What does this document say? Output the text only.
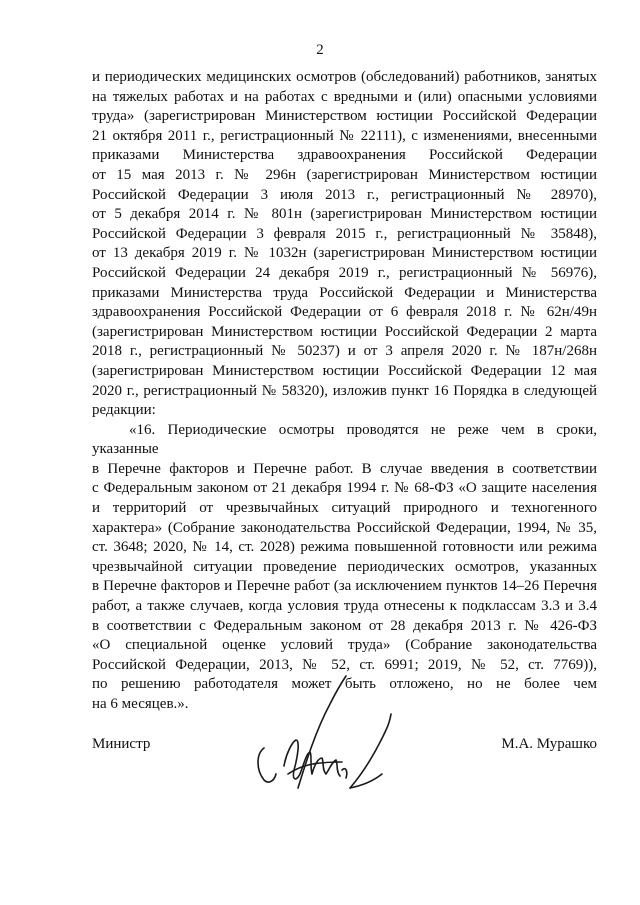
2
и периодических медицинских осмотров (обследований) работников, занятых
на тяжелых работах и на работах с вредными и (или) опасными условиями
труда» (зарегистрирован Министерством юстиции Российской Федерации
21 октября 2011 г., регистрационный № 22111), с изменениями, внесенными
приказами Министерства здравоохранения Российской Федерации
от 15 мая 2013 г. № 296н (зарегистрирован Министерством юстиции
Российской Федерации 3 июля 2013 г., регистрационный № 28970),
от 5 декабря 2014 г. № 801н (зарегистрирован Министерством юстиции
Российской Федерации 3 февраля 2015 г., регистрационный № 35848),
от 13 декабря 2019 г. № 1032н (зарегистрирован Министерством юстиции
Российской Федерации 24 декабря 2019 г., регистрационный № 56976),
приказами Министерства труда Российской Федерации и Министерства
здравоохранения Российской Федерации от 6 февраля 2018 г. № 62н/49н
(зарегистрирован Министерством юстиции Российской Федерации 2 марта
2018 г., регистрационный № 50237) и от 3 апреля 2020 г. № 187н/268н
(зарегистрирован Министерством юстиции Российской Федерации 12 мая
2020 г., регистрационный № 58320), изложив пункт 16 Порядка в следующей
редакции:
«16. Периодические осмотры проводятся не реже чем в сроки, указанные
в Перечне факторов и Перечне работ. В случае введения в соответствии
с Федеральным законом от 21 декабря 1994 г. № 68-ФЗ «О защите населения
и территорий от чрезвычайных ситуаций природного и техногенного
характера» (Собрание законодательства Российской Федерации, 1994, № 35,
ст. 3648; 2020, № 14, ст. 2028) режима повышенной готовности или режима
чрезвычайной ситуации проведение периодических осмотров, указанных
в Перечне факторов и Перечне работ (за исключением пунктов 14–26 Перечня
работ, а также случаев, когда условия труда отнесены к подклассам 3.3 и 3.4
в соответствии с Федеральным законом от 28 декабря 2013 г. № 426-ФЗ
«О специальной оценке условий труда» (Собрание законодательства
Российской Федерации, 2013, № 52, ст. 6991; 2019, № 52, ст. 7769)),
по решению работодателя может быть отложено, но не более чем
на 6 месяцев.».
Министр	М.А. Мурашко
